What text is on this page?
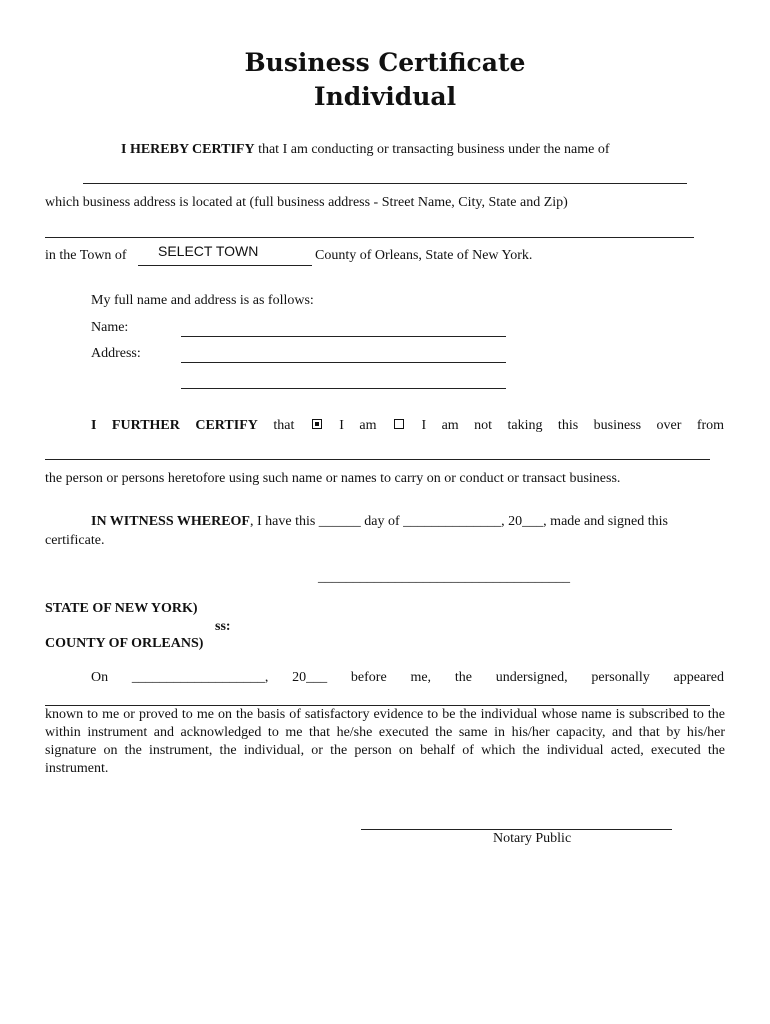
Business Certificate
Individual
I HEREBY CERTIFY that I am conducting or transacting business under the name of
which business address is located at (full business address - Street Name, City, State and Zip)
in the Town of SELECT TOWN	County of Orleans, State of New York.
My full name and address is as follows:
Name:
Address:
I FURTHER CERTIFY that	I am	I am not taking this business over from
the person or persons heretofore using such name or names to carry on or conduct or transact business.
IN WITNESS WHEREOF, I have this ______ day of ______________, 20___, made and signed this
certificate.
____________________________________
STATE OF NEW YORK)
ss:
COUNTY OF ORLEANS)
On ___________________, 20___ before me, the undersigned, personally appeared
known to me or proved to me on the basis of satisfactory evidence to be the individual whose name is subscribed to the within instrument and acknowledged to me that he/she executed the same in his/her capacity, and that by his/her signature on the instrument, the individual, or the person on behalf of which the individual acted, executed the instrument.
Notary Public
